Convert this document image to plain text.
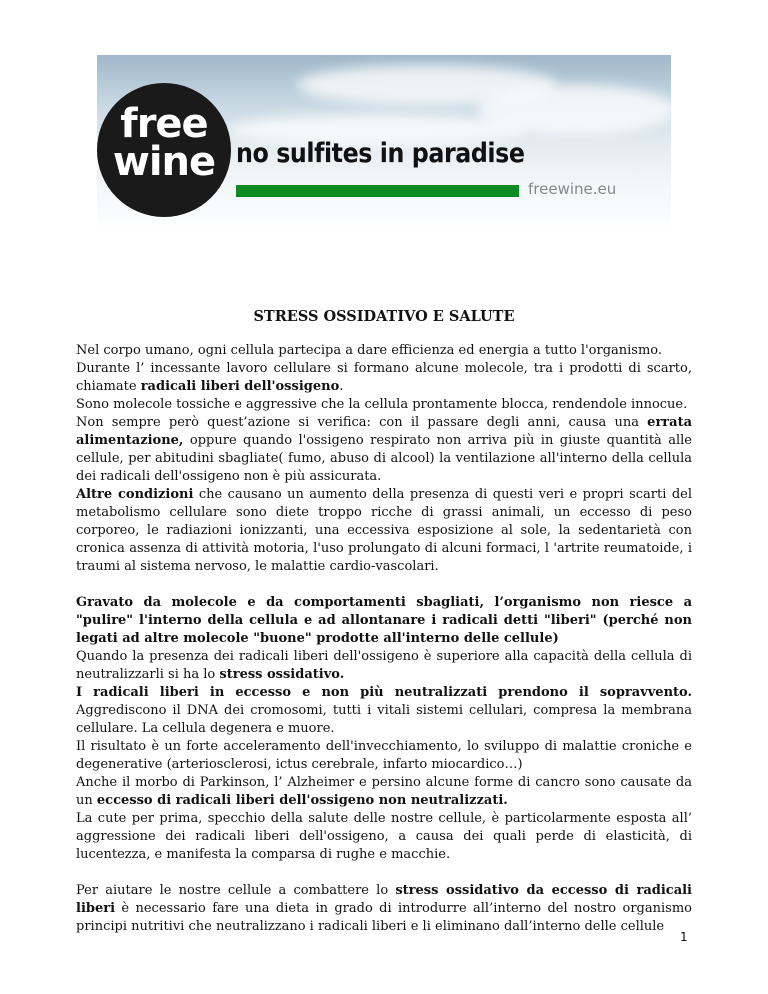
free
wine no sulfites in paradise
freewine.eu
STRESS OSSIDATIVO E SALUTE

Nel corpo umano, ogni cellula partecipa a dare efficienza ed energia a tutto l'organismo.

Durante l’ incessante lavoro cellulare si formano alcune molecole, tra i prodotti di scarto, chiamate radicali liberi dell'ossigeno.

Sono molecole tossiche e aggressive che la cellula prontamente blocca, rendendole innocue.

Non sempre però quest’azione si verifica: con il passare degli anni, causa una errata alimentazione, oppure quando l'ossigeno respirato non arriva più in giuste quantità alle cellule, per abitudini sbagliate( fumo, abuso di alcool) la ventilazione all'interno della cellula dei radicali dell'ossigeno non è più assicurata.

Altre condizioni che causano un aumento della presenza di questi veri e propri scarti del metabolismo cellulare sono diete troppo ricche di grassi animali, un eccesso di peso corporeo, le radiazioni ionizzanti, una eccessiva esposizione al sole, la sedentarietà con cronica assenza di attività motoria, l'uso prolungato di alcuni formaci, l 'artrite reumatoide, i traumi al sistema nervoso, le malattie cardio-vascolari.

Gravato da molecole e da comportamenti sbagliati, l’organismo non riesce a "pulire" l'interno della cellula e ad allontanare i radicali detti "liberi" (perché non legati ad altre molecole "buone" prodotte all'interno delle cellule)

Quando la presenza dei radicali liberi dell'ossigeno è superiore alla capacità della cellula di neutralizzarli si ha lo stress ossidativo.

I radicali liberi in eccesso e non più neutralizzati prendono il sopravvento. Aggrediscono il DNA dei cromosomi, tutti i vitali sistemi cellulari, compresa la membrana cellulare. La cellula degenera e muore.

Il risultato è un forte acceleramento dell'invecchiamento, lo sviluppo di malattie croniche e degenerative (arteriosclerosi, ictus cerebrale, infarto miocardico…)

Anche il morbo di Parkinson, l’ Alzheimer e persino alcune forme di cancro sono causate da un eccesso di radicali liberi dell'ossigeno non neutralizzati.

La cute per prima, specchio della salute delle nostre cellule, è particolarmente esposta all’ aggressione dei radicali liberi dell'ossigeno, a causa dei quali perde di elasticità, di lucentezza, e manifesta la comparsa di rughe e macchie.

Per aiutare le nostre cellule a combattere lo stress ossidativo da eccesso di radicali liberi è necessario fare una dieta in grado di introdurre all’interno del nostro organismo principi nutritivi che neutralizzano i radicali liberi e li eliminano dall’interno delle cellule

1
